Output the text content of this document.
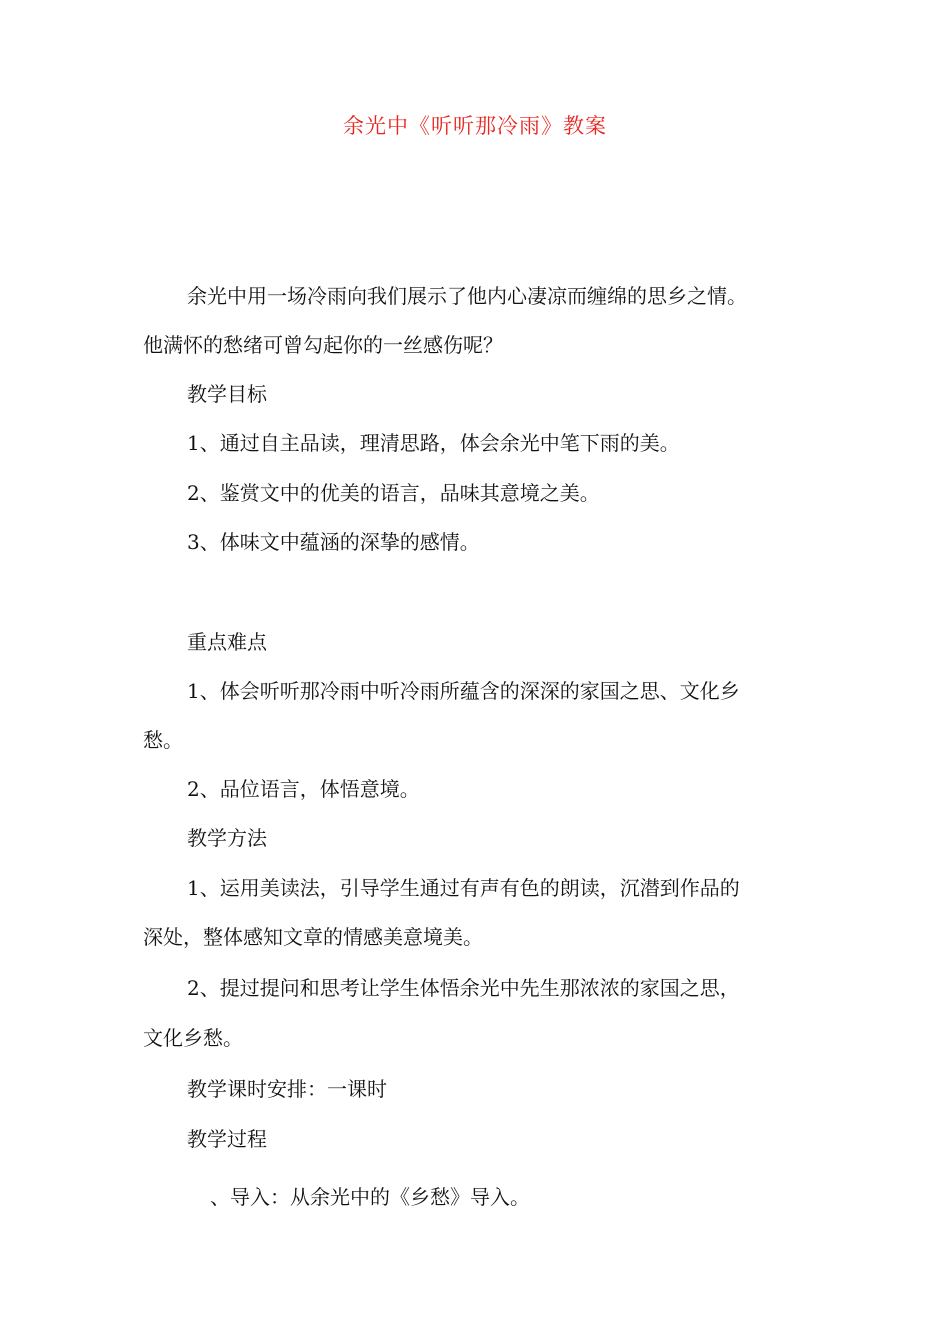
余光中《听听那冷雨》教案
余光中用一场冷雨向我们展示了他内心凄凉而缠绵的思乡之情。
他满怀的愁绪可曾勾起你的一丝感伤呢？
教学目标
1、通过自主品读，理清思路，体会余光中笔下雨的美。
2、鉴赏文中的优美的语言，品味其意境之美。
3、体味文中蕴涵的深挚的感情。
重点难点
1、体会听听那冷雨中听冷雨所蕴含的深深的家国之思、文化乡
愁。
2、品位语言，体悟意境。
教学方法
1、运用美读法，引导学生通过有声有色的朗读，沉潜到作品的
深处，整体感知文章的情感美意境美。
2、提过提问和思考让学生体悟余光中先生那浓浓的家国之思，
文化乡愁。
教学课时安排：一课时
教学过程
、导入：从余光中的《乡愁》导入。
